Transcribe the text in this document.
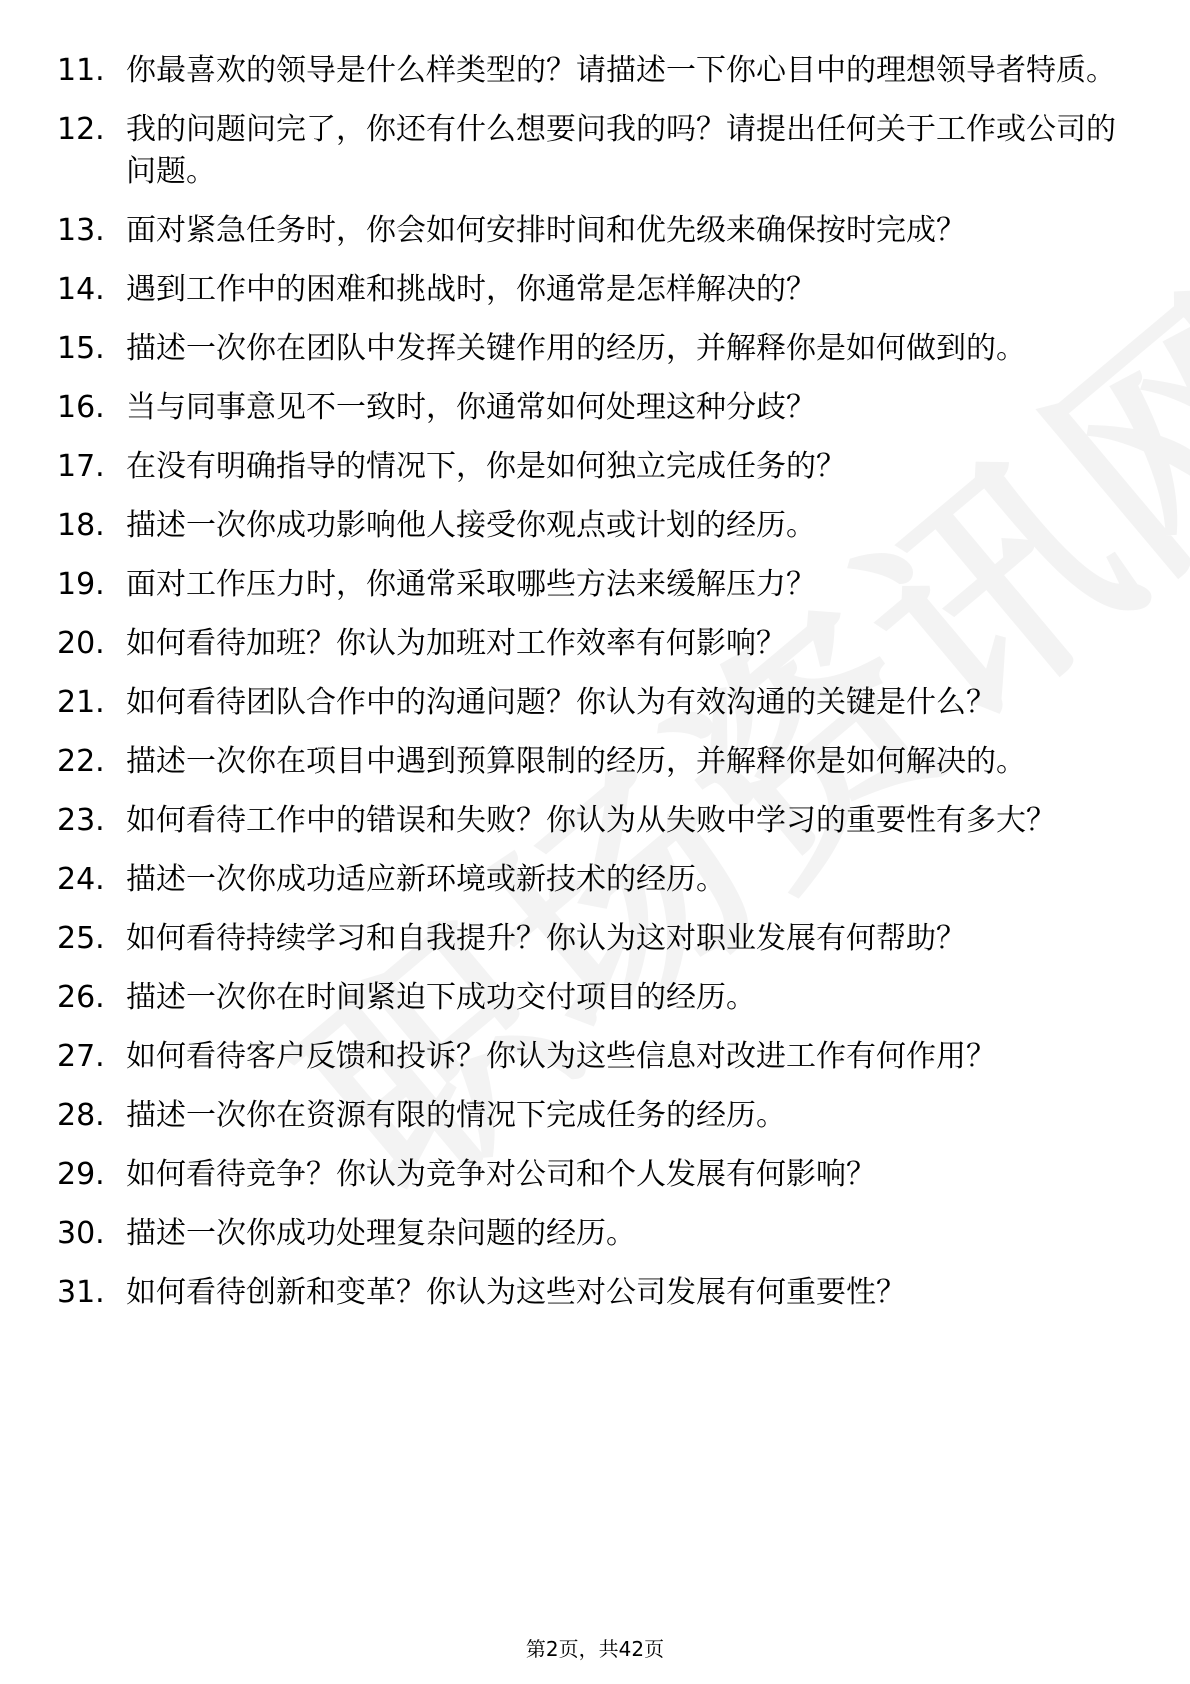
11. 你最喜欢的领导是什么样类型的？请描述一下你心目中的理想领导者特质。
12. 我的问题问完了，你还有什么想要问我的吗？请提出任何关于工作或公司的问题。
13. 面对紧急任务时，你会如何安排时间和优先级来确保按时完成？
14. 遇到工作中的困难和挑战时，你通常是怎样解决的？
15. 描述一次你在团队中发挥关键作用的经历，并解释你是如何做到的。
16. 当与同事意见不一致时，你通常如何处理这种分歧？
17. 在没有明确指导的情况下，你是如何独立完成任务的？
18. 描述一次你成功影响他人接受你观点或计划的经历。
19. 面对工作压力时，你通常采取哪些方法来缓解压力？
20. 如何看待加班？你认为加班对工作效率有何影响？
21. 如何看待团队合作中的沟通问题？你认为有效沟通的关键是什么？
22. 描述一次你在项目中遇到预算限制的经历，并解释你是如何解决的。
23. 如何看待工作中的错误和失败？你认为从失败中学习的重要性有多大？
24. 描述一次你成功适应新环境或新技术的经历。
25. 如何看待持续学习和自我提升？你认为这对职业发展有何帮助？
26. 描述一次你在时间紧迫下成功交付项目的经历。
27. 如何看待客户反馈和投诉？你认为这些信息对改进工作有何作用？
28. 描述一次你在资源有限的情况下完成任务的经历。
29. 如何看待竞争？你认为竞争对公司和个人发展有何影响？
30. 描述一次你成功处理复杂问题的经历。
31. 如何看待创新和变革？你认为这些对公司发展有何重要性？
第2页，共42页
